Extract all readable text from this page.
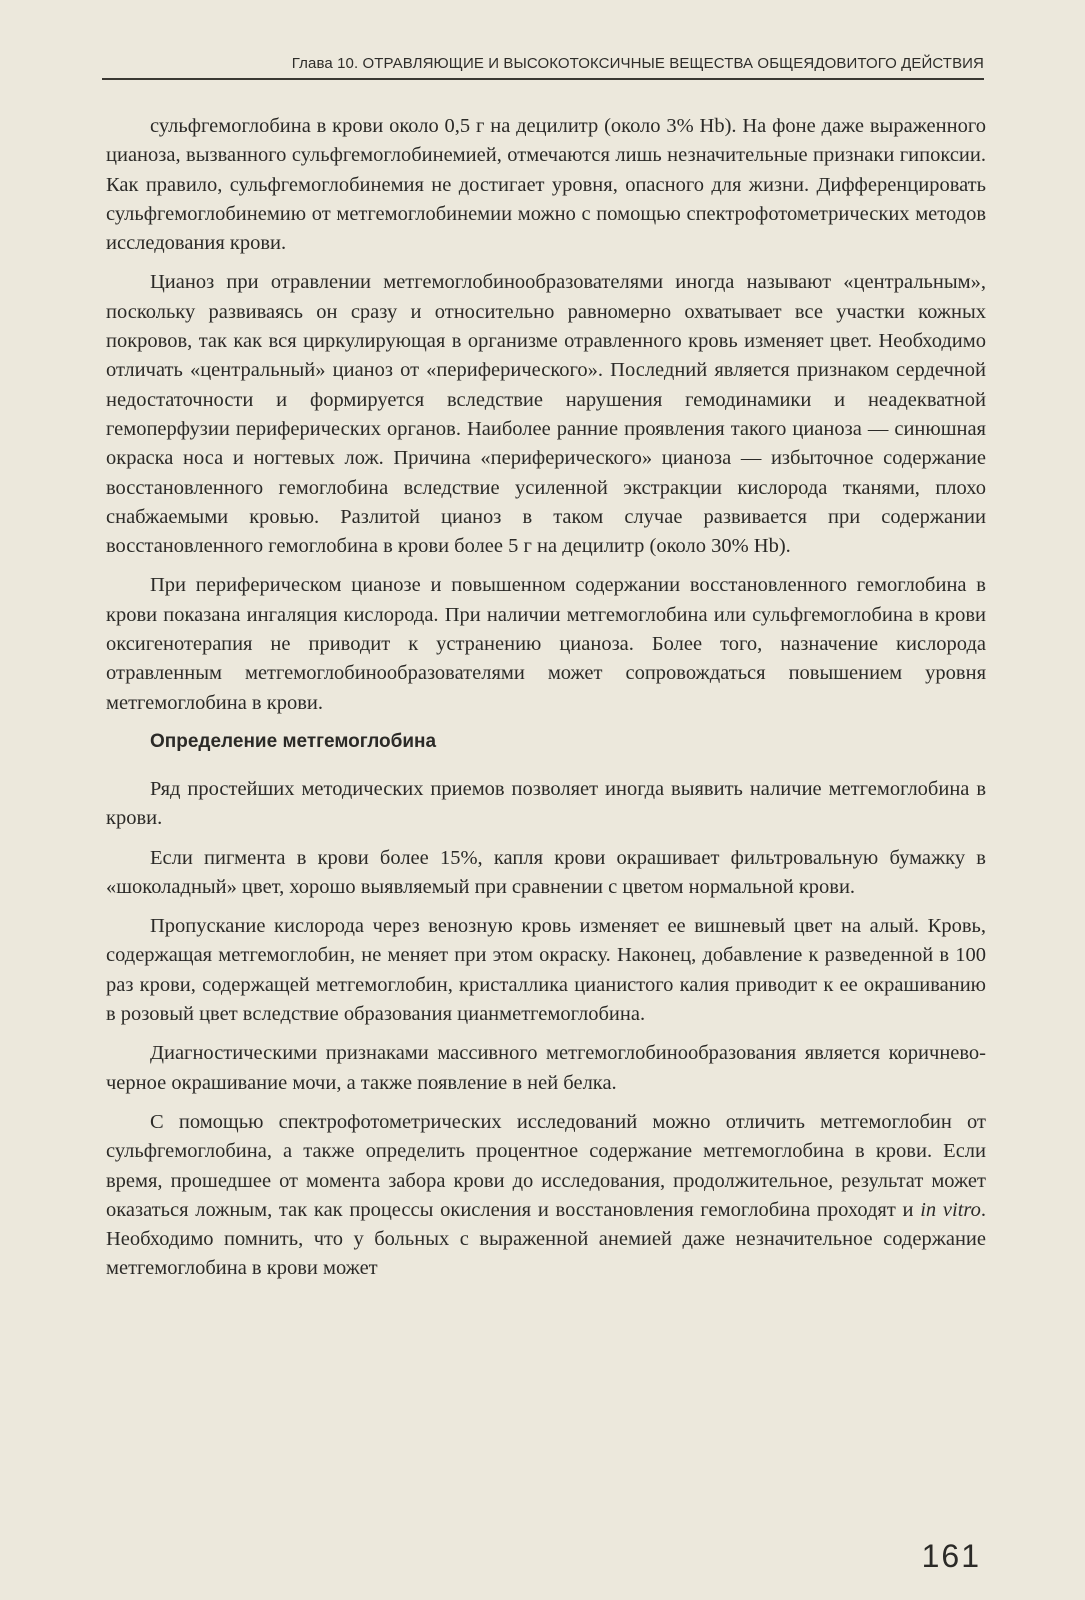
Глава 10. ОТРАВЛЯЮЩИЕ И ВЫСОКОТОКСИЧНЫЕ ВЕЩЕСТВА ОБЩЕЯДОВИТОГО ДЕЙСТВИЯ

сульфгемоглобина в крови около 0,5 г на децилитр (около 3% Hb). На фоне даже выраженного цианоза, вызванного сульфгемоглобинемией, отмечаются лишь незначительные признаки гипоксии. Как правило, сульфгемоглобинемия не достигает уровня, опасного для жизни. Дифференцировать сульфгемоглобинемию от метгемоглобинемии можно с помощью спектрофотометрических методов исследования крови.

Цианоз при отравлении метгемоглобинообразователями иногда называют «центральным», поскольку развиваясь он сразу и относительно равномерно охватывает все участки кожных покровов, так как вся циркулирующая в организме отравленного кровь изменяет цвет. Необходимо отличать «центральный» цианоз от «периферического». Последний является признаком сердечной недостаточности и формируется вследствие нарушения гемодинамики и неадекватной гемоперфузии периферических органов. Наиболее ранние проявления такого цианоза — синюшная окраска носа и ногтевых лож. Причина «периферического» цианоза — избыточное содержание восстановленного гемоглобина вследствие усиленной экстракции кислорода тканями, плохо снабжаемыми кровью. Разлитой цианоз в таком случае развивается при содержании восстановленного гемоглобина в крови более 5 г на децилитр (около 30% Hb).

При периферическом цианозе и повышенном содержании восстановленного гемоглобина в крови показана ингаляция кислорода. При наличии метгемоглобина или сульфгемоглобина в крови оксигенотерапия не приводит к устранению цианоза. Более того, назначение кислорода отравленным метгемоглобинообразователями может сопровождаться повышением уровня метгемоглобина в крови.

Определение метгемоглобина

Ряд простейших методических приемов позволяет иногда выявить наличие метгемоглобина в крови.

Если пигмента в крови более 15%, капля крови окрашивает фильтровальную бумажку в «шоколадный» цвет, хорошо выявляемый при сравнении с цветом нормальной крови.

Пропускание кислорода через венозную кровь изменяет ее вишневый цвет на алый. Кровь, содержащая метгемоглобин, не меняет при этом окраску. Наконец, добавление к разведенной в 100 раз крови, содержащей метгемоглобин, кристаллика цианистого калия приводит к ее окрашиванию в розовый цвет вследствие образования цианметгемоглобина.

Диагностическими признаками массивного метгемоглобинообразования является коричнево-черное окрашивание мочи, а также появление в ней белка.

С помощью спектрофотометрических исследований можно отличить метгемоглобин от сульфгемоглобина, а также определить процентное содержание метгемоглобина в крови. Если время, прошедшее от момента забора крови до исследования, продолжительное, результат может оказаться ложным, так как процессы окисления и восстановления гемоглобина проходят и in vitro. Необходимо помнить, что у больных с выраженной анемией даже незначительное содержание метгемоглобина в крови может

161
